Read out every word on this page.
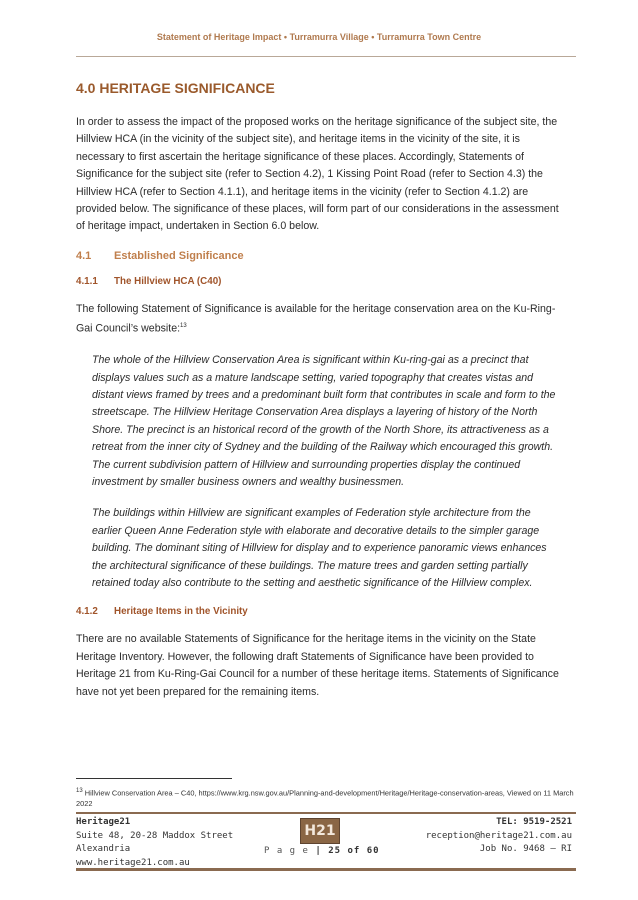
Statement of Heritage Impact • Turramurra Village • Turramurra Town Centre
4.0 HERITAGE SIGNIFICANCE

In order to assess the impact of the proposed works on the heritage significance of the subject site, the Hillview HCA (in the vicinity of the subject site), and heritage items in the vicinity of the site, it is necessary to first ascertain the heritage significance of these places. Accordingly, Statements of Significance for the subject site (refer to Section 4.2), 1 Kissing Point Road (refer to Section 4.3) the Hillview HCA (refer to Section 4.1.1), and heritage items in the vicinity (refer to Section 4.1.2) are provided below. The significance of these places, will form part of our considerations in the assessment of heritage impact, undertaken in Section 6.0 below.

4.1 Established Significance
4.1.1 The Hillview HCA (C40)

The following Statement of Significance is available for the heritage conservation area on the Ku-Ring-Gai Council’s website:$^{13}$

The whole of the Hillview Conservation Area is significant within Ku-ring-gai as a precinct that displays values such as a mature landscape setting, varied topography that creates vistas and distant views framed by trees and a predominant built form that contributes in scale and form to the streetscape. The Hillview Heritage Conservation Area displays a layering of history of the North Shore. The precinct is an historical record of the growth of the North Shore, its attractiveness as a retreat from the inner city of Sydney and the building of the Railway which encouraged this growth. The current subdivision pattern of Hillview and surrounding properties display the continued investment by smaller business owners and wealthy businessmen.

The buildings within Hillview are significant examples of Federation style architecture from the earlier Queen Anne Federation style with elaborate and decorative details to the simpler garage building. The dominant siting of Hillview for display and to experience panoramic views enhances the architectural significance of these buildings. The mature trees and garden setting partially retained today also contribute to the setting and aesthetic significance of the Hillview complex.

4.1.2 Heritage Items in the Vicinity

There are no available Statements of Significance for the heritage items in the vicinity on the State Heritage Inventory. However, the following draft Statements of Significance have been provided to Heritage 21 from Ku-Ring-Gai Council for a number of these heritage items. Statements of Significance have not yet been prepared for the remaining items.

$^{13}$ Hillview Conservation Area – C40, https://www.krg.nsw.gov.au/Planning-and-development/Heritage/Heritage-conservation-areas, Viewed on 11 March 2022
Heritage21
Suite 48, 20-28 Maddox Street
Alexandria
www.heritage21.com.au
H21
P a g e | 25 of 60
TEL: 9519-2521
reception@heritage21.com.au
Job No. 9468 – RI
